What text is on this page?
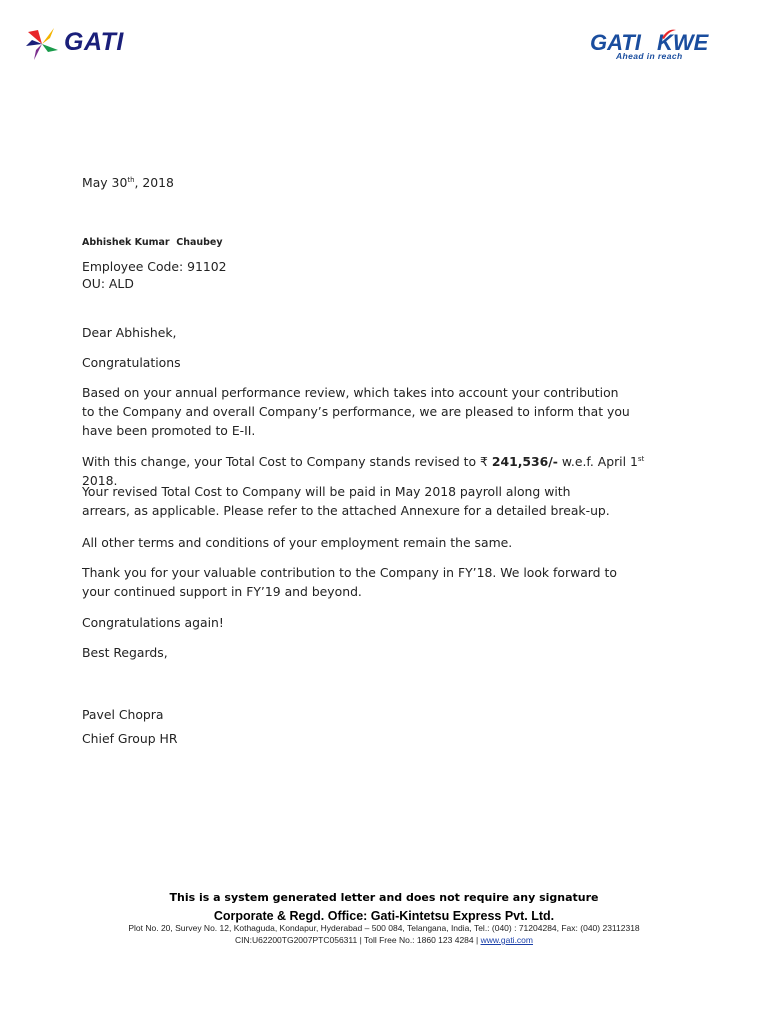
GATI	GATI KWE
Ahead in reach
May 30th, 2018
Abhishek Kumar  Chaubey
Employee Code: 91102
OU: ALD
Dear Abhishek,
Congratulations
Based on your annual performance review, which takes into account your contribution to the Company and overall Company’s performance, we are pleased to inform that you have been promoted to E-II.
With this change, your Total Cost to Company stands revised to ₹ 241,536/- w.e.f. April 1st 2018.
Your revised Total Cost to Company will be paid in May 2018 payroll along with arrears, as applicable. Please refer to the attached Annexure for a detailed break-up.
All other terms and conditions of your employment remain the same.
Thank you for your valuable contribution to the Company in FY’18. We look forward to your continued support in FY’19 and beyond.
Congratulations again!
Best Regards,
Pavel Chopra
Chief Group HR
This is a system generated letter and does not require any signature
Corporate & Regd. Office: Gati-Kintetsu Express Pvt. Ltd.
Plot No. 20, Survey No. 12, Kothaguda, Kondapur, Hyderabad – 500 084, Telangana, India, Tel.: (040) : 71204284, Fax: (040) 23112318
CIN:U62200TG2007PTC056311 | Toll Free No.: 1860 123 4284 | www.gati.com
